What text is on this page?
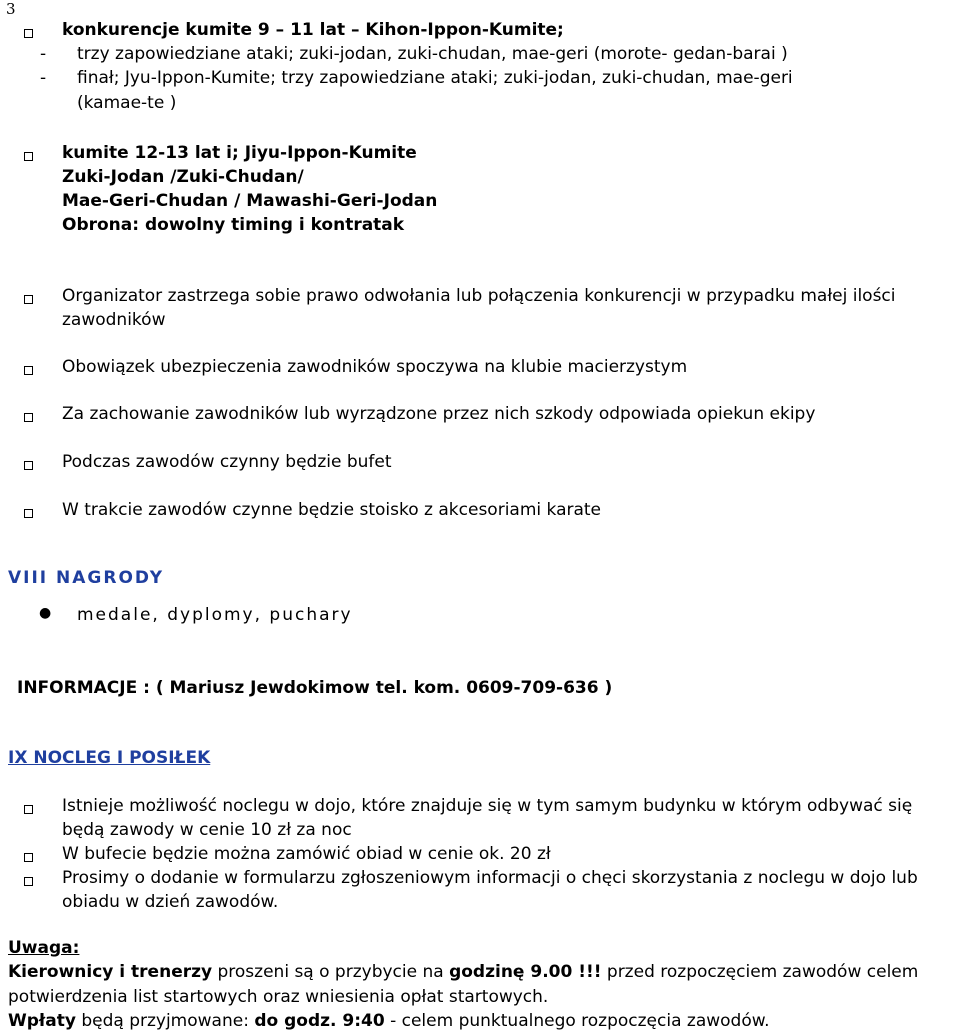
3
konkurencje kumite 9 – 11 lat – Kihon-Ippon-Kumite;
- trzy zapowiedziane ataki; zuki-jodan, zuki-chudan, mae-geri (morote- gedan-barai )
- finał; Jyu-Ippon-Kumite; trzy zapowiedziane ataki; zuki-jodan, zuki-chudan, mae-geri
(kamae-te )
kumite 12-13 lat i; Jiyu-Ippon-Kumite
Zuki-Jodan /Zuki-Chudan/
Mae-Geri-Chudan / Mawashi-Geri-Jodan
Obrona: dowolny timing i kontratak
Organizator zastrzega sobie prawo odwołania lub połączenia konkurencji w przypadku małej ilości
zawodników
Obowiązek ubezpieczenia zawodników spoczywa na klubie macierzystym
Za zachowanie zawodników lub wyrządzone przez nich szkody odpowiada opiekun ekipy
Podczas zawodów czynny będzie bufet
W trakcie zawodów czynne będzie stoisko z akcesoriami karate
VIII NAGRODY
● medale, dyplomy, puchary
INFORMACJE : ( Mariusz Jewdokimow tel. kom. 0609-709-636 )
IX NOCLEG I POSIŁEK
Istnieje możliwość noclegu w dojo, które znajduje się w tym samym budynku w którym odbywać się
będą zawody w cenie 10 zł za noc
W bufecie będzie można zamówić obiad w cenie ok. 20 zł
Prosimy o dodanie w formularzu zgłoszeniowym informacji o chęci skorzystania z noclegu w dojo lub
obiadu w dzień zawodów.
Uwaga:
Kierownicy i trenerzy proszeni są o przybycie na godzinę 9.00 !!! przed rozpoczęciem zawodów celem
potwierdzenia list startowych oraz wniesienia opłat startowych.
Wpłaty będą przyjmowane: do godz. 9:40 - celem punktualnego rozpoczęcia zawodów.
